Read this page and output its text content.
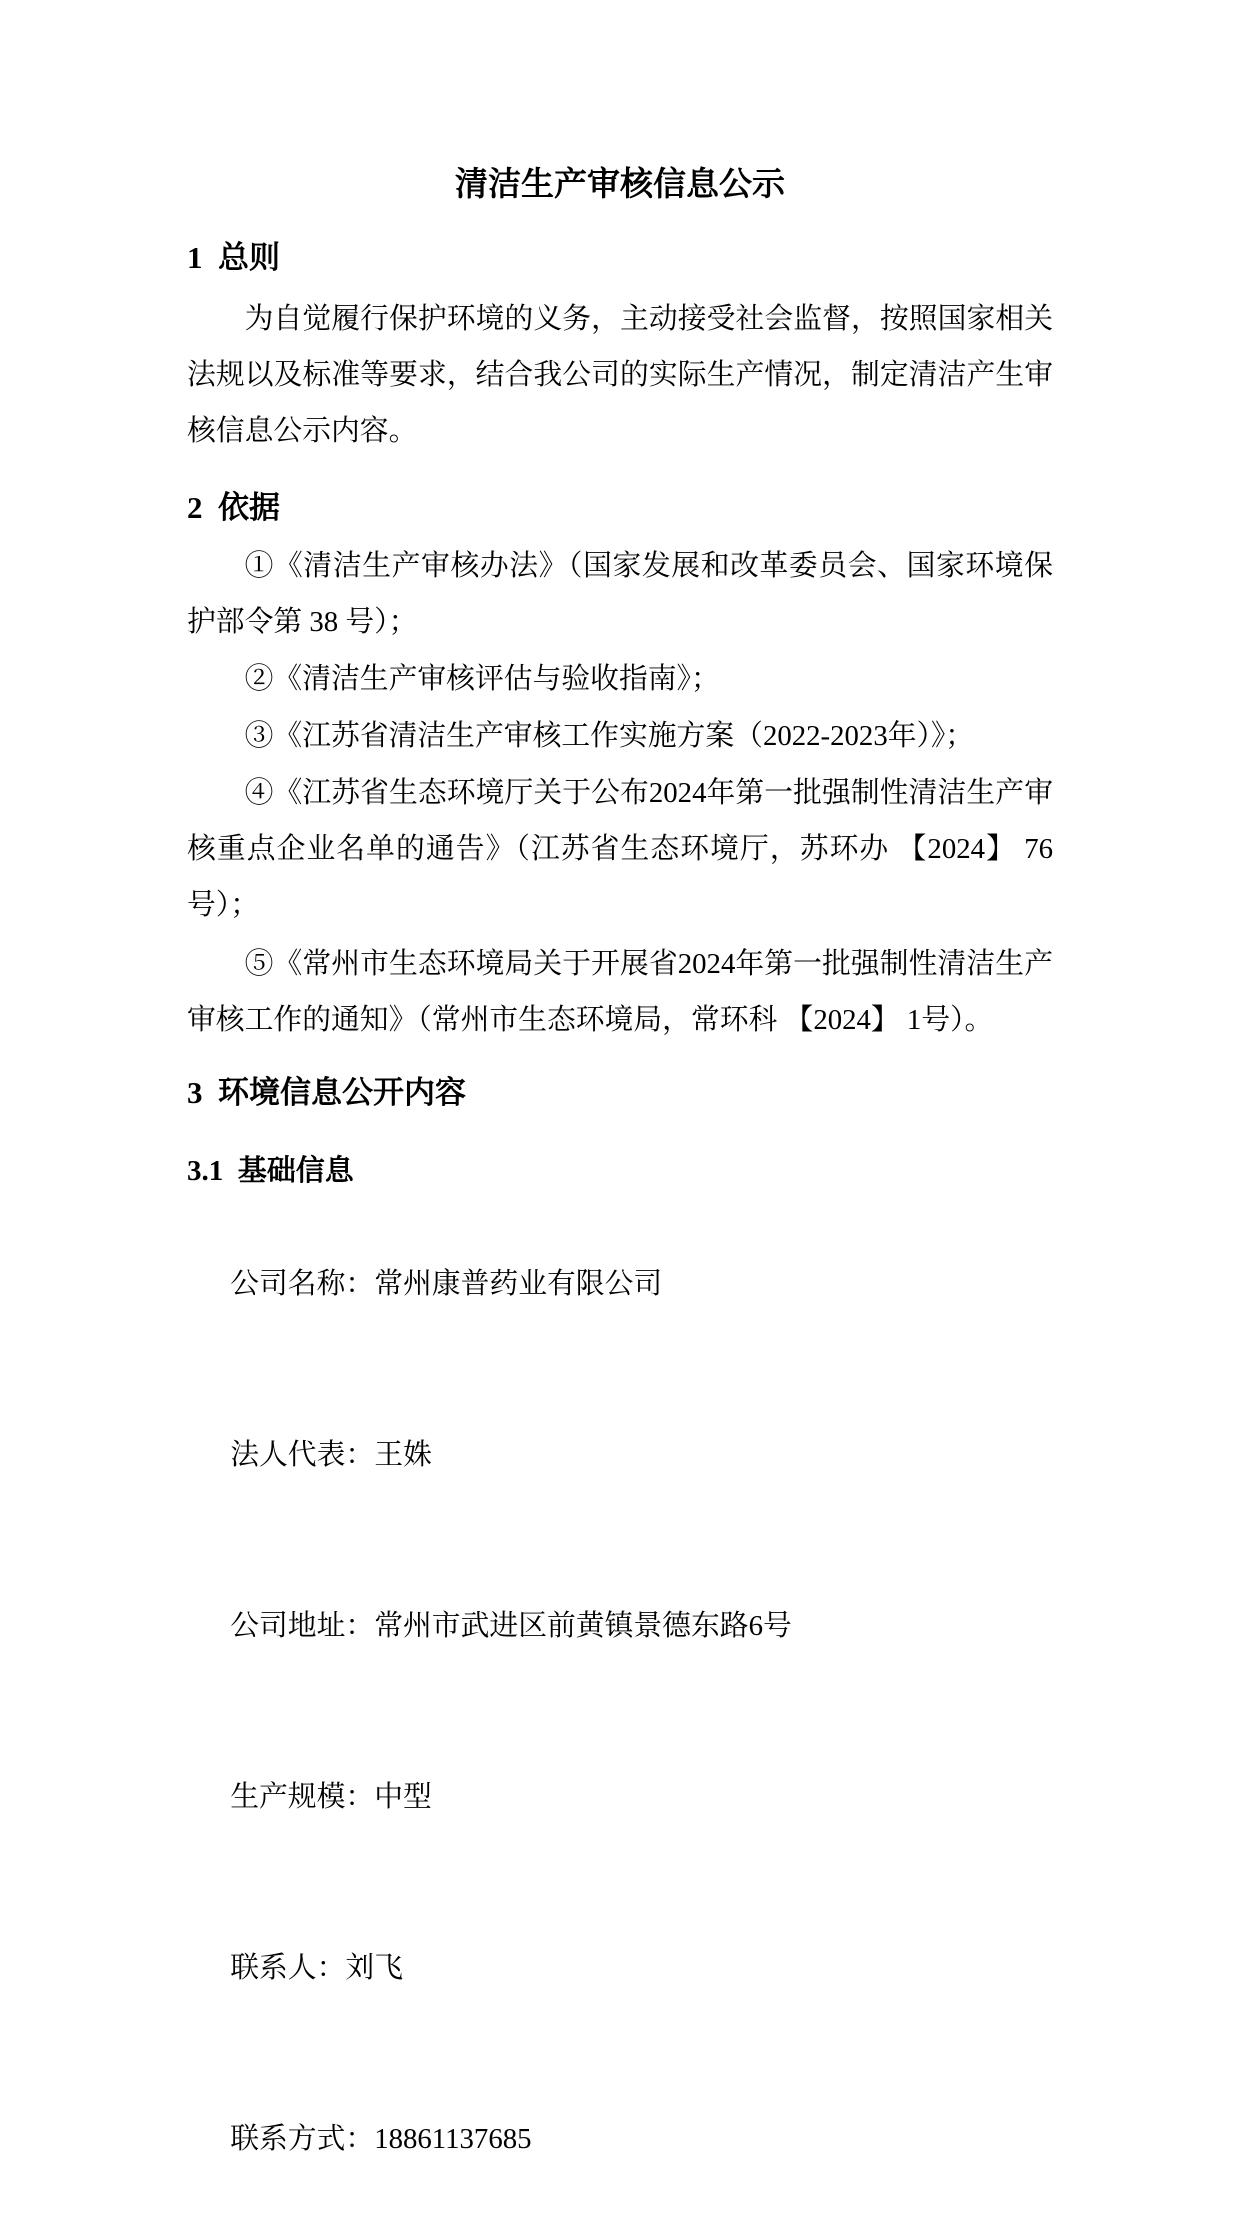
清洁生产审核信息公示
1  总则
为自觉履行保护环境的义务，主动接受社会监督，按照国家相关法规以及标准等要求，结合我公司的实际生产情况，制定清洁产生审核信息公示内容。
2  依据
①《清洁生产审核办法》（国家发展和改革委员会、国家环境保护部令第 38 号）；
②《清洁生产审核评估与验收指南》；
③《江苏省清洁生产审核工作实施方案（2022-2023年）》；
④《江苏省生态环境厅关于公布2024年第一批强制性清洁生产审核重点企业名单的通告》（江苏省生态环境厅，苏环办 【2024】 76号）；
⑤《常州市生态环境局关于开展省2024年第一批强制性清洁生产审核工作的通知》（常州市生态环境局，常环科 【2024】 1号）。
3  环境信息公开内容
3.1  基础信息

公司名称：常州康普药业有限公司

法人代表：王姝

公司地址：常州市武进区前黄镇景德东路6号

生产规模：中型

联系人：刘飞

联系方式：18861137685
